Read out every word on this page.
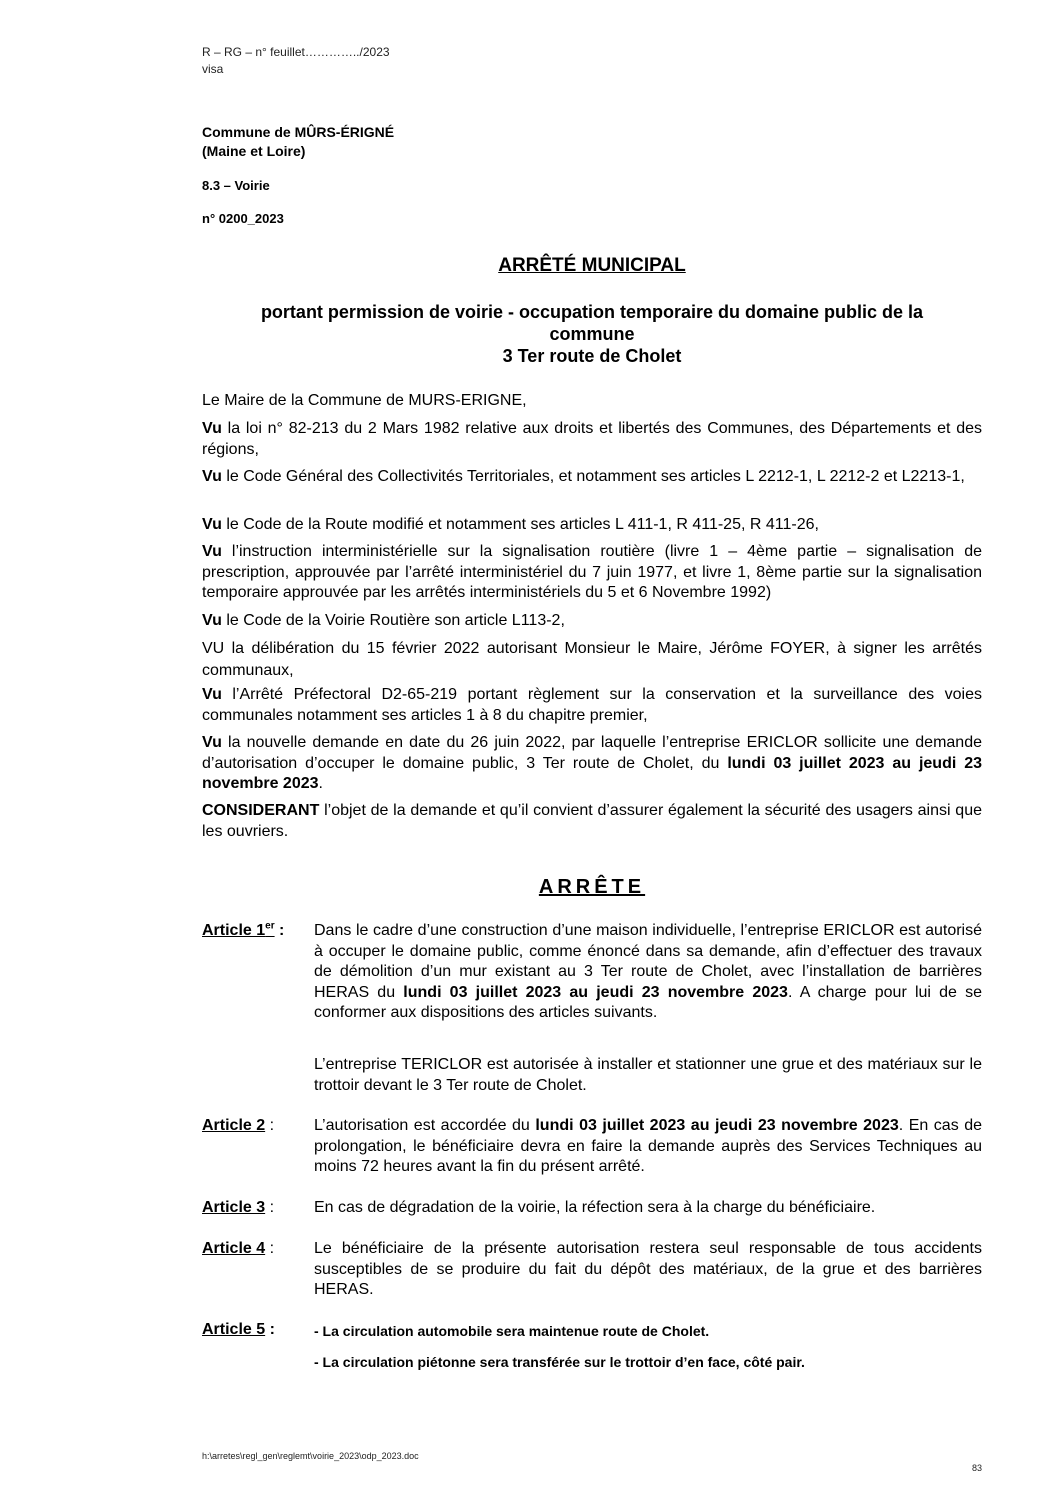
R – RG – n° feuillet…………../2023
visa
Commune de MÛRS-ÉRIGNÉ
(Maine et Loire)
8.3 – Voirie
n° 0200_2023
ARRÊTÉ MUNICIPAL
portant permission de voirie - occupation temporaire du domaine public de la
commune
3 Ter route de Cholet
Le Maire de la Commune de MURS-ERIGNE,
Vu la loi n° 82-213 du 2 Mars 1982 relative aux droits et libertés des Communes, des Départements et des régions,
Vu le Code Général des Collectivités Territoriales, et notamment ses articles L 2212-1, L 2212-2 et L2213-1,
Vu le Code de la Route modifié et notamment ses articles L 411-1, R 411-25, R 411-26,
Vu l’instruction interministérielle sur la signalisation routière (livre 1 – 4ème partie – signalisation de prescription, approuvée par l’arrêté interministériel du 7 juin 1977, et livre 1, 8ème partie sur la signalisation temporaire approuvée par les arrêtés interministériels du 5 et 6 Novembre 1992)
Vu le Code de la Voirie Routière son article L113-2,
VU la délibération du 15 février 2022 autorisant Monsieur le Maire, Jérôme FOYER, à signer les arrêtés communaux,
Vu l’Arrêté Préfectoral D2-65-219 portant règlement sur la conservation et la surveillance des voies communales notamment ses articles 1 à 8 du chapitre premier,
Vu la nouvelle demande en date du 26 juin 2022, par laquelle l’entreprise ERICLOR sollicite une demande d’autorisation d’occuper le domaine public, 3 Ter route de Cholet, du lundi 03 juillet 2023 au jeudi 23 novembre 2023.
CONSIDERANT l’objet de la demande et qu’il convient d’assurer également la sécurité des usagers ainsi que les ouvriers.
ARRÊTE
Article 1er : Dans le cadre d’une construction d’une maison individuelle, l’entreprise ERICLOR est autorisé à occuper le domaine public, comme énoncé dans sa demande, afin d’effectuer des travaux de démolition d’un mur existant au 3 Ter route de Cholet, avec l’installation de barrières HERAS du lundi 03 juillet 2023 au jeudi 23 novembre 2023. A charge pour lui de se conformer aux dispositions des articles suivants.
L’entreprise TERICLOR est autorisée à installer et stationner une grue et des matériaux sur le trottoir devant le 3 Ter route de Cholet.
Article 2 : L’autorisation est accordée du lundi 03 juillet 2023 au jeudi 23 novembre 2023. En cas de prolongation, le bénéficiaire devra en faire la demande auprès des Services Techniques au moins 72 heures avant la fin du présent arrêté.
Article 3 : En cas de dégradation de la voirie, la réfection sera à la charge du bénéficiaire.
Article 4 : Le bénéficiaire de la présente autorisation restera seul responsable de tous accidents susceptibles de se produire du fait du dépôt des matériaux, de la grue et des barrières HERAS.
Article 5 :	- La circulation automobile sera maintenue route de Cholet.
- La circulation piétonne sera transférée sur le trottoir d’en face, côté pair.
h:\arretes\regl_gen\reglemt\voirie_2023\odp_2023.doc
83
